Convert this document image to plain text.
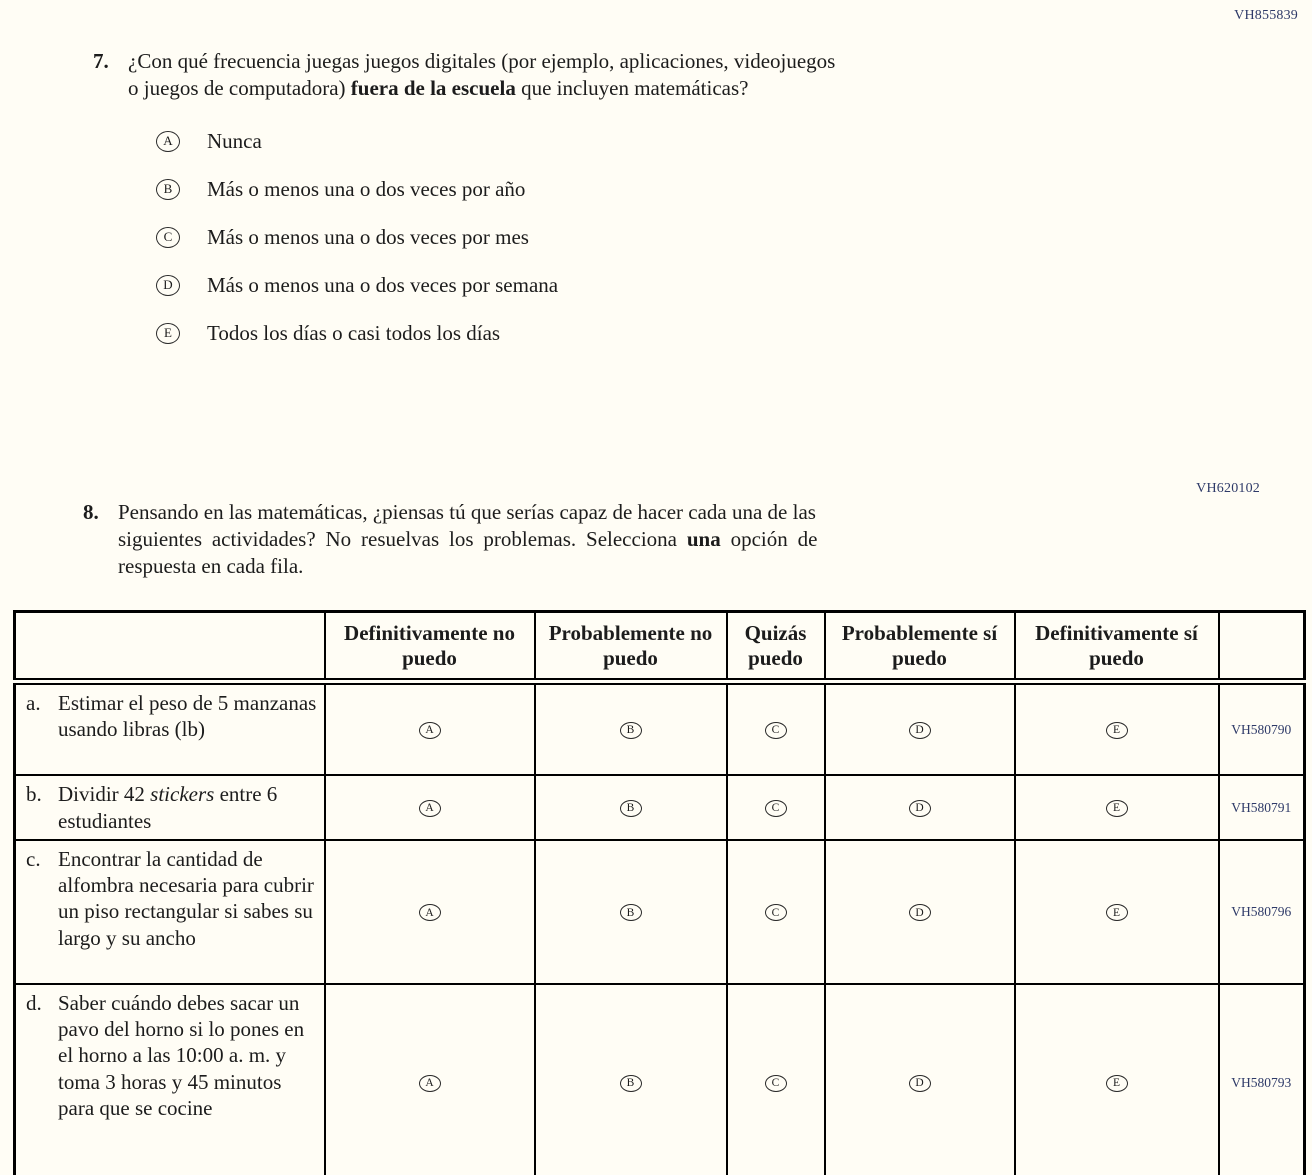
VH855839
7. ¿Con qué frecuencia juegas juegos digitales (por ejemplo, aplicaciones, videojuegos
o juegos de computadora) fuera de la escuela que incluyen matemáticas?
A	Nunca
B	Más o menos una o dos veces por año
C	Más o menos una o dos veces por mes
D	Más o menos una o dos veces por semana
E	Todos los días o casi todos los días
VH620102
8. Pensando en las matemáticas, ¿piensas tú que serías capaz de hacer cada una de las
siguientes actividades? No resuelvas los problemas. Selecciona una opción de
respuesta en cada fila.
	Definitivamente no puedo	Probablemente no puedo	Quizás puedo	Probablemente sí puedo	Definitivamente sí puedo	

a. Estimar el peso de 5 manzanas usando libras (lb)	A	B	C	D	E	VH580790

b. Dividir 42 stickers entre 6 estudiantes	A	B	C	D	E	VH580791

c. Encontrar la cantidad de alfombra necesaria para cubrir un piso rectangular si sabes su largo y su ancho	A	B	C	D	E	VH580796

d. Saber cuándo debes sacar un pavo del horno si lo pones en el horno a las 10:00 a. m. y toma 3 horas y 45 minutos para que se cocine	A	B	C	D	E	VH580793
